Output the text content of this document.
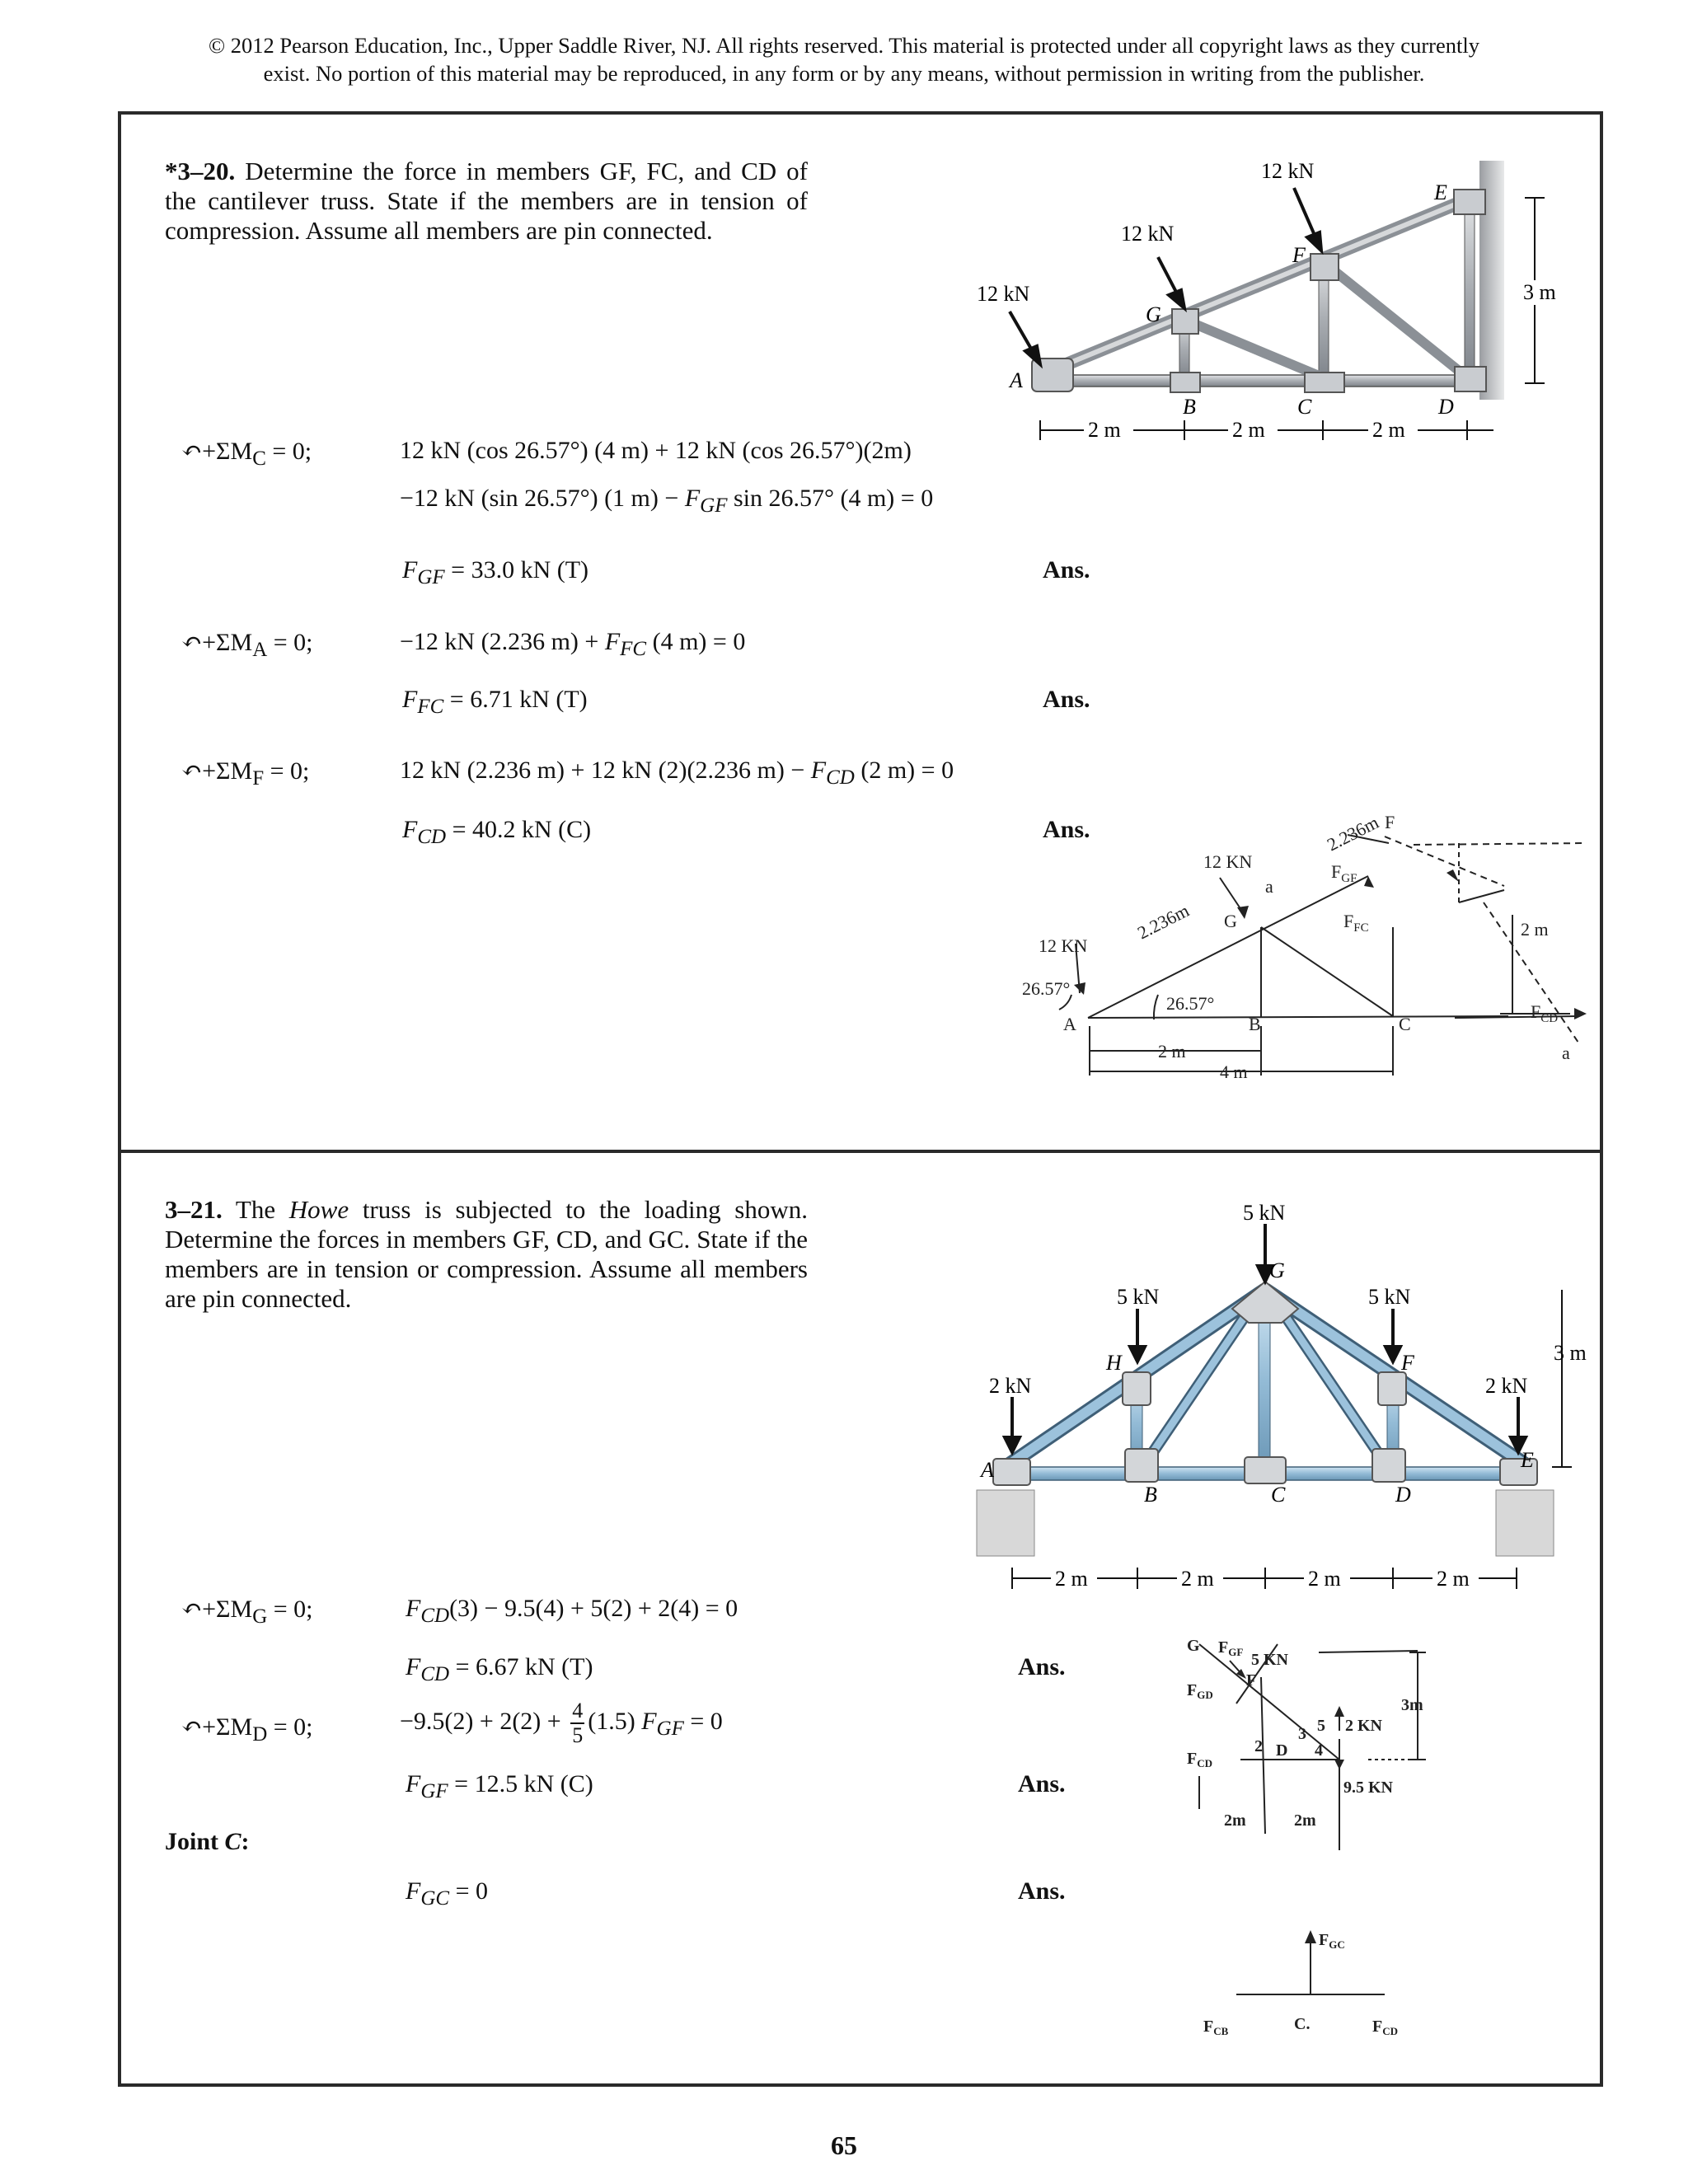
© 2012 Pearson Education, Inc., Upper Saddle River, NJ. All rights reserved. This material is protected under all copyright laws as they currently
exist. No portion of this material may be reproduced, in any form or by any means, without permission in writing from the publisher.
*3–20. Determine the force in members GF, FC, and CD of the cantilever truss. State if the members are in tension of compression. Assume all members are pin connected.
12 kN
12 kN
12 kN
A
B	C	D
E
F
G
2 m	2 m	2 m
3 m
$↶+\Sigma M_C = 0$;	12 kN (cos 26.57°) (4 m) + 12 kN (cos 26.57°)(2m)
−12 kN (sin 26.57°) (1 $m) - F_{GF}$ sin 26.57° (4 m) = 0
$F_{GF} = 33.0$ kN (T)	Ans.
$↶+\Sigma M_A = 0$;	−12 kN (2.236 $m) + F_{FC}$ (4 m) = 0
$F_{FC} = 6.71$ kN (T)	Ans.
$↶+\Sigma M_F = 0$;	12 kN (2.236 m) + 12 kN (2)(2.236 $m) - F_{CD}$ (2 m) = 0
$F_{CD} = 40.2$ kN (C)	Ans.
12 KN
12 KN
26.57°
26.57°
2.236m
2.236m
2 m
4 m
2 m
$F_{GF}$
$F_{FC}$
$F_{CD}$
A
G
B	C
F
a
a
3–21. The Howe truss is subjected to the loading shown. Determine the forces in members GF, CD, and GC. State if the members are in tension or compression. Assume all members are pin connected.
5 kN
5 kN	5 kN
2 kN	2 kN
A
B	C	D
E
F
G
H
2 m	2 m	2 m	2 m
3 m
$↶+\Sigma M_G = 0$;	$F_{CD}(3) - 9.5(4) + 5(2) + 2(4) = 0$
$F_{CD} = 6.67$ kN (T)	Ans.
$↶+\Sigma M_D = 0$;	$-9.5(2) + 2(2) + \frac{4}{5} (1.5) F_{GF} = 0$
$F_{GF} = 12.5$ kN (C)	Ans.
Joint C:
$F_{GC} = 0$	Ans.
G $F_{GF}$ 5 KN
F
$F_{GD}$
$F_{CD}$
2 KN
3m
9.5 KN
2m	2m
3
4
5
2 D
$F_{GC}$
$F_{CB}$	C.	$F_{CD}$
65
